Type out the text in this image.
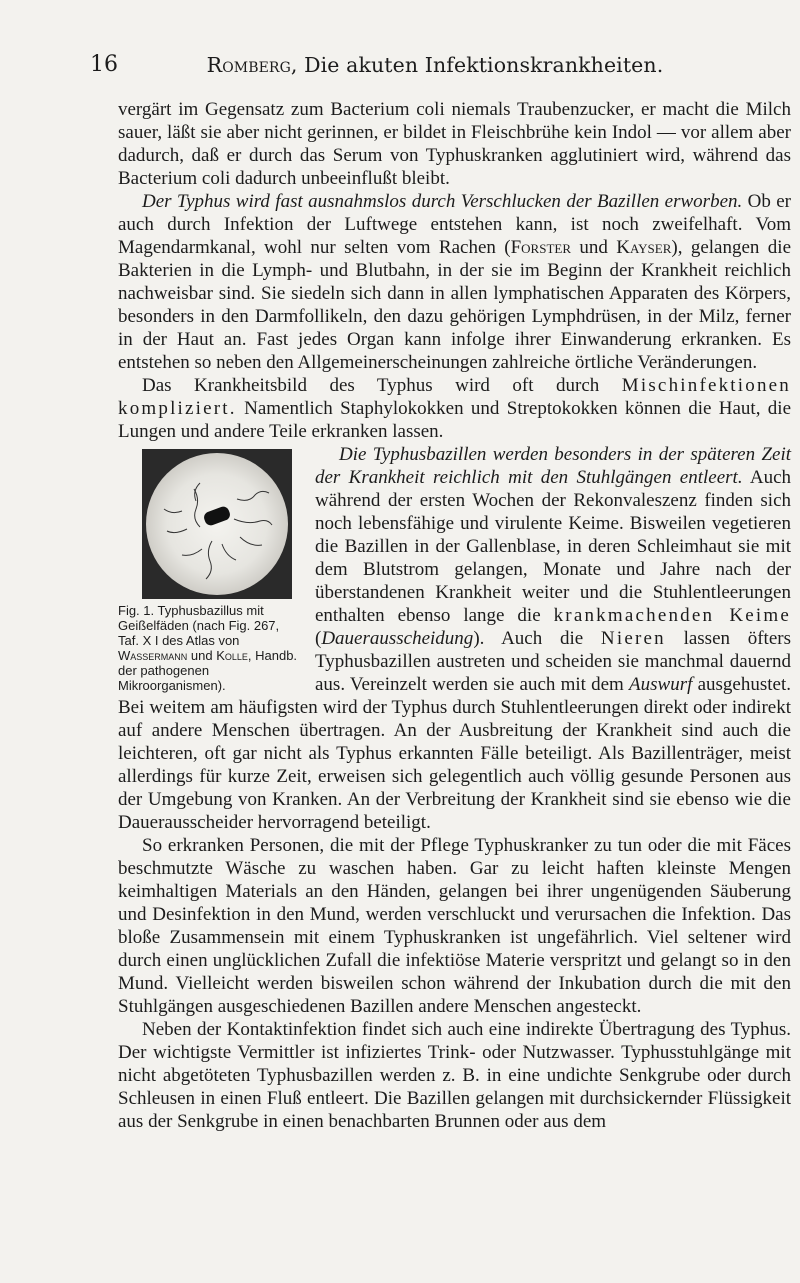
16	Romberg, Die akuten Infektionskrankheiten.

vergärt im Gegensatz zum Bacterium coli niemals Traubenzucker, er macht die Milch sauer, läßt sie aber nicht gerinnen, er bildet in Fleischbrühe kein Indol — vor allem aber dadurch, daß er durch das Serum von Typhuskranken agglutiniert wird, während das Bacterium coli dadurch unbeeinflußt bleibt.

Der Typhus wird fast ausnahmslos durch Verschlucken der Bazillen erworben. Ob er auch durch Infektion der Luftwege entstehen kann, ist noch zweifelhaft. Vom Magendarmkanal, wohl nur selten vom Rachen (Forster und Kayser), gelangen die Bakterien in die Lymph- und Blutbahn, in der sie im Beginn der Krankheit reichlich nachweisbar sind. Sie siedeln sich dann in allen lymphatischen Apparaten des Körpers, besonders in den Darmfollikeln, den dazu gehörigen Lymphdrüsen, in der Milz, ferner in der Haut an. Fast jedes Organ kann infolge ihrer Einwanderung erkranken. Es entstehen so neben den Allgemeinerscheinungen zahlreiche örtliche Veränderungen.

Das Krankheitsbild des Typhus wird oft durch Mischinfektionen kompliziert. Namentlich Staphylokokken und Streptokokken können die Haut, die Lungen und andere Teile erkranken lassen.

Fig. 1. Typhusbazillus mit Geißelfäden (nach Fig. 267, Taf. X I des Atlas von Wassermann und Kolle, Handb. der pathogenen Mikroorganismen).
Die Typhusbazillen werden besonders in der späteren Zeit der Krankheit reichlich mit den Stuhlgängen entleert. Auch während der ersten Wochen der Rekonvaleszenz finden sich noch lebensfähige und virulente Keime. Bisweilen vegetieren die Bazillen in der Gallenblase, in deren Schleimhaut sie mit dem Blutstrom gelangen, Monate und Jahre nach der überstandenen Krankheit weiter und die Stuhlentleerungen enthalten ebenso lange die krankmachenden Keime (Dauerausscheidung). Auch die Nieren lassen öfters Typhusbazillen austreten und scheiden sie manchmal dauernd aus. Vereinzelt werden sie auch mit dem Auswurf ausgehustet. Bei weitem am häufigsten wird der Typhus durch Stuhlentleerungen direkt oder indirekt auf andere Menschen übertragen. An der Ausbreitung der Krankheit sind auch die leichteren, oft gar nicht als Typhus erkannten Fälle beteiligt. Als Bazillenträger, meist allerdings für kurze Zeit, erweisen sich gelegentlich auch völlig gesunde Personen aus der Umgebung von Kranken. An der Verbreitung der Krankheit sind sie ebenso wie die Dauerausscheider hervorragend beteiligt.

So erkranken Personen, die mit der Pflege Typhuskranker zu tun oder die mit Fäces beschmutzte Wäsche zu waschen haben. Gar zu leicht haften kleinste Mengen keimhaltigen Materials an den Händen, gelangen bei ihrer ungenügenden Säuberung und Desinfektion in den Mund, werden verschluckt und verursachen die Infektion. Das bloße Zusammensein mit einem Typhuskranken ist ungefährlich. Viel seltener wird durch einen unglücklichen Zufall die infektiöse Materie verspritzt und gelangt so in den Mund. Vielleicht werden bisweilen schon während der Inkubation durch die mit den Stuhlgängen ausgeschiedenen Bazillen andere Menschen angesteckt.

Neben der Kontaktinfektion findet sich auch eine indirekte Übertragung des Typhus. Der wichtigste Vermittler ist infiziertes Trink- oder Nutzwasser. Typhusstuhlgänge mit nicht abgetöteten Typhusbazillen werden z. B. in eine undichte Senkgrube oder durch Schleusen in einen Fluß entleert. Die Bazillen gelangen mit durchsickernder Flüssigkeit aus der Senkgrube in einen benachbarten Brunnen oder aus dem
